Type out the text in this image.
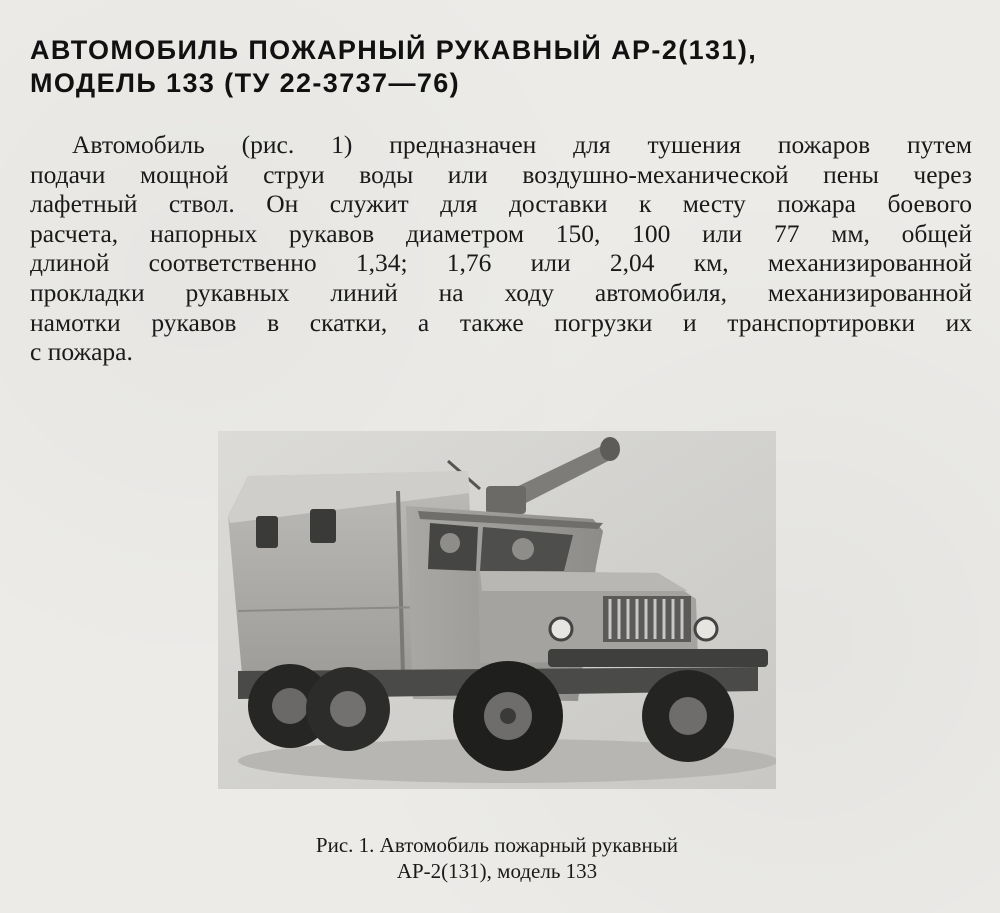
АВТОМОБИЛЬ ПОЖАРНЫЙ РУКАВНЫЙ АР-2(131),
МОДЕЛЬ 133 (ТУ 22-3737—76)

Автомобиль (рис. 1) предназначен для тушения пожаров путем
подачи мощной струи воды или воздушно-механической пены через
лафетный ствол. Он служит для доставки к месту пожара боевого
расчета, напорных рукавов диаметром 150, 100 или 77 мм, общей
длиной соответственно 1,34; 1,76 или 2,04 км, механизированной
прокладки рукавных линий на ходу автомобиля, механизированной
намотки рукавов в скатки, а также погрузки и транспортировки их
с пожара.

Рис. 1. Автомобиль пожарный рукавный
АР-2(131), модель 133
